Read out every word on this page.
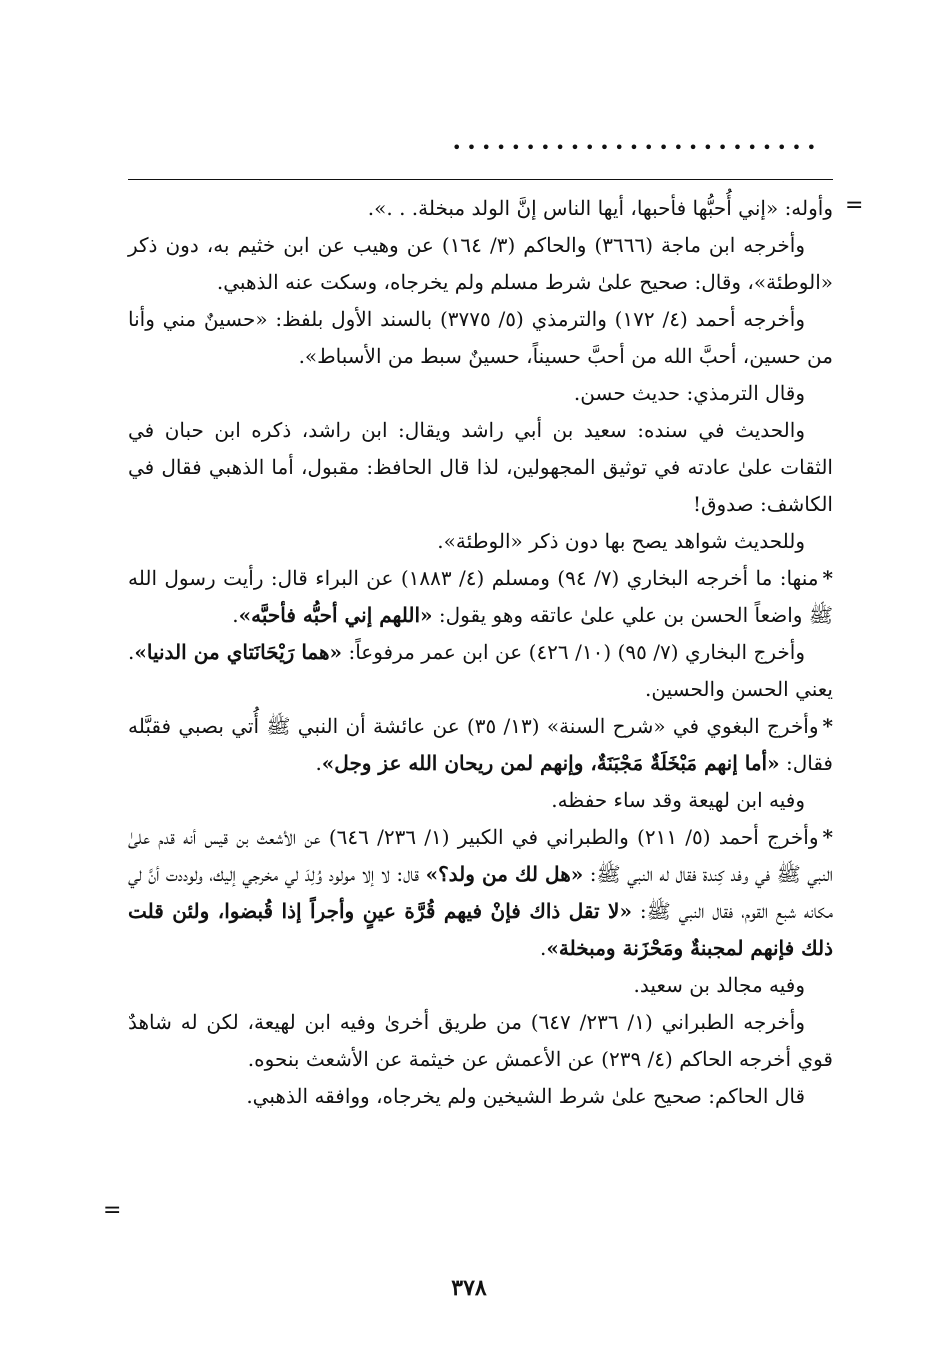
• • • • • • • • • • • • • • • • • • • • • • • • •
=

وأوله: «إني أُحبُّها فأحبها، أيها الناس إنَّ الولد مبخلة. . .».

وأخرجه ابن ماجة (٣٦٦٦) والحاكم (٣/ ١٦٤) عن وهيب عن ابن خثيم به، دون ذكر «الوطئة»، وقال: صحيح علىٰ شرط مسلم ولم يخرجاه، وسكت عنه الذهبي.

وأخرجه أحمد (٤/ ١٧٢) والترمذي (٥/ ٣٧٧٥) بالسند الأول بلفظ: «حسينٌ مني وأنا من حسين، أحبَّ الله من أحبَّ حسيناً، حسينٌ سبط من الأسباط».

وقال الترمذي: حديث حسن.

والحديث في سنده: سعيد بن أبي راشد ويقال: ابن راشد، ذكره ابن حبان في الثقات علىٰ عادته في توثيق المجهولين، لذا قال الحافظ: مقبول، أما الذهبي فقال في الكاشف: صدوق!

وللحديث شواهد يصح بها دون ذكر «الوطئة».

*منها: ما أخرجه البخاري (٧/ ٩٤) ومسلم (٤/ ١٨٨٣) عن البراء قال: رأيت رسول الله ﷺ واضعاً الحسن بن علي علىٰ عاتقه وهو يقول: «اللهم إني أحبُّه فأحبَّه».

وأخرج البخاري (٧/ ٩٥) (١٠/ ٤٢٦) عن ابن عمر مرفوعاً: «هما رَيْحَانَتاي من الدنيا». يعني الحسن والحسين.

*وأخرج البغوي في «شرح السنة» (١٣/ ٣٥) عن عائشة أن النبي ﷺ أُتي بصبي فقبَّله فقال: «أما إنهم مَبْخَلَةٌ مَجْبَنَةٌ، وإنهم لمن ريحان الله عز وجل».

وفيه ابن لهيعة وقد ساء حفظه.

*وأخرج أحمد (٥/ ٢١١) والطبراني في الكبير (١/ ٢٣٦/ ٦٤٦) عن الأشعث بن قيس أنه قدم علىٰ النبي ﷺ في وفد كِندة فقال له النبي ﷺ: «هل لك من ولد؟» قال: لا إلا مولود وُلِدَ لي مخرجي إليك، ولوددت أنَّ لي مكانه شبع القوم، فقال النبي ﷺ: «لا تقل ذاك فإنْ فيهم قُرَّة عينٍ وأجراً إذا قُبضوا، ولئن قلت ذلك فإنهم لمجبنةٌ ومَحْزَنة ومبخلة».

وفيه مجالد بن سعيد.

وأخرجه الطبراني (١/ ٢٣٦/ ٦٤٧) من طريق أخرىٰ وفيه ابن لهيعة، لكن له شاهدٌ قوي أخرجه الحاكم (٤/ ٢٣٩) عن الأعمش عن خيثمة عن الأشعث بنحوه.

قال الحاكم: صحيح علىٰ شرط الشيخين ولم يخرجاه، ووافقه الذهبي.

=
٣٧٨
